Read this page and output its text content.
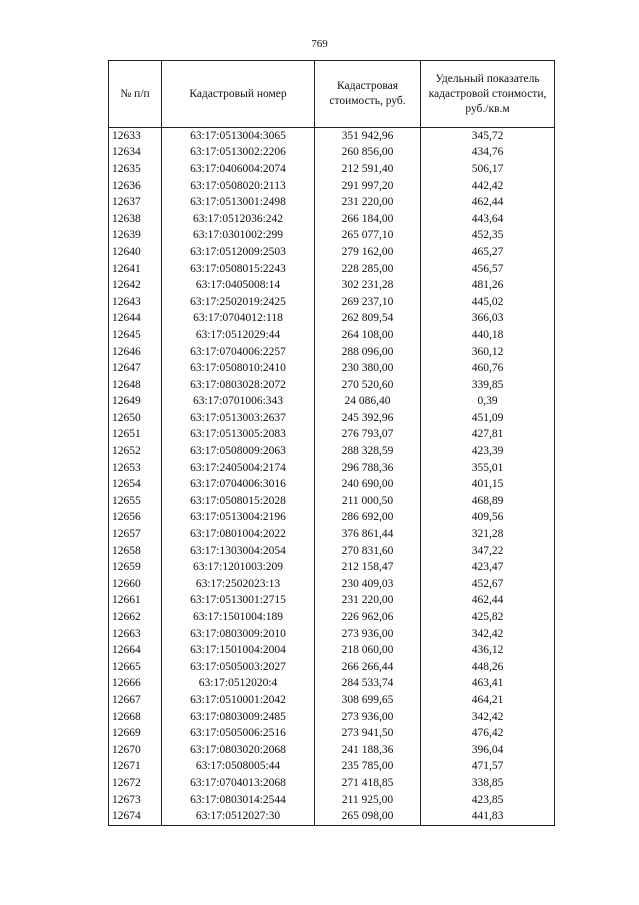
769
№ п/п	Кадастровый номер	Кадастровая стоимость, руб.	Удельный показатель кадастровой стоимости, руб./кв.м
12633	63:17:0513004:3065	351 942,96	345,72
12634	63:17:0513002:2206	260 856,00	434,76
12635	63:17:0406004:2074	212 591,40	506,17
12636	63:17:0508020:2113	291 997,20	442,42
12637	63:17:0513001:2498	231 220,00	462,44
12638	63:17:0512036:242	266 184,00	443,64
12639	63:17:0301002:299	265 077,10	452,35
12640	63:17:0512009:2503	279 162,00	465,27
12641	63:17:0508015:2243	228 285,00	456,57
12642	63:17:0405008:14	302 231,28	481,26
12643	63:17:2502019:2425	269 237,10	445,02
12644	63:17:0704012:118	262 809,54	366,03
12645	63:17:0512029:44	264 108,00	440,18
12646	63:17:0704006:2257	288 096,00	360,12
12647	63:17:0508010:2410	230 380,00	460,76
12648	63:17:0803028:2072	270 520,60	339,85
12649	63:17:0701006:343	24 086,40	0,39
12650	63:17:0513003:2637	245 392,96	451,09
12651	63:17:0513005:2083	276 793,07	427,81
12652	63:17:0508009:2063	288 328,59	423,39
12653	63:17:2405004:2174	296 788,36	355,01
12654	63:17:0704006:3016	240 690,00	401,15
12655	63:17:0508015:2028	211 000,50	468,89
12656	63:17:0513004:2196	286 692,00	409,56
12657	63:17:0801004:2022	376 861,44	321,28
12658	63:17:1303004:2054	270 831,60	347,22
12659	63:17:1201003:209	212 158,47	423,47
12660	63:17:2502023:13	230 409,03	452,67
12661	63:17:0513001:2715	231 220,00	462,44
12662	63:17:1501004:189	226 962,06	425,82
12663	63:17:0803009:2010	273 936,00	342,42
12664	63:17:1501004:2004	218 060,00	436,12
12665	63:17:0505003:2027	266 266,44	448,26
12666	63:17:0512020:4	284 533,74	463,41
12667	63:17:0510001:2042	308 699,65	464,21
12668	63:17:0803009:2485	273 936,00	342,42
12669	63:17:0505006:2516	273 941,50	476,42
12670	63:17:0803020:2068	241 188,36	396,04
12671	63:17:0508005:44	235 785,00	471,57
12672	63:17:0704013:2068	271 418,85	338,85
12673	63:17:0803014:2544	211 925,00	423,85
12674	63:17:0512027:30	265 098,00	441,83
